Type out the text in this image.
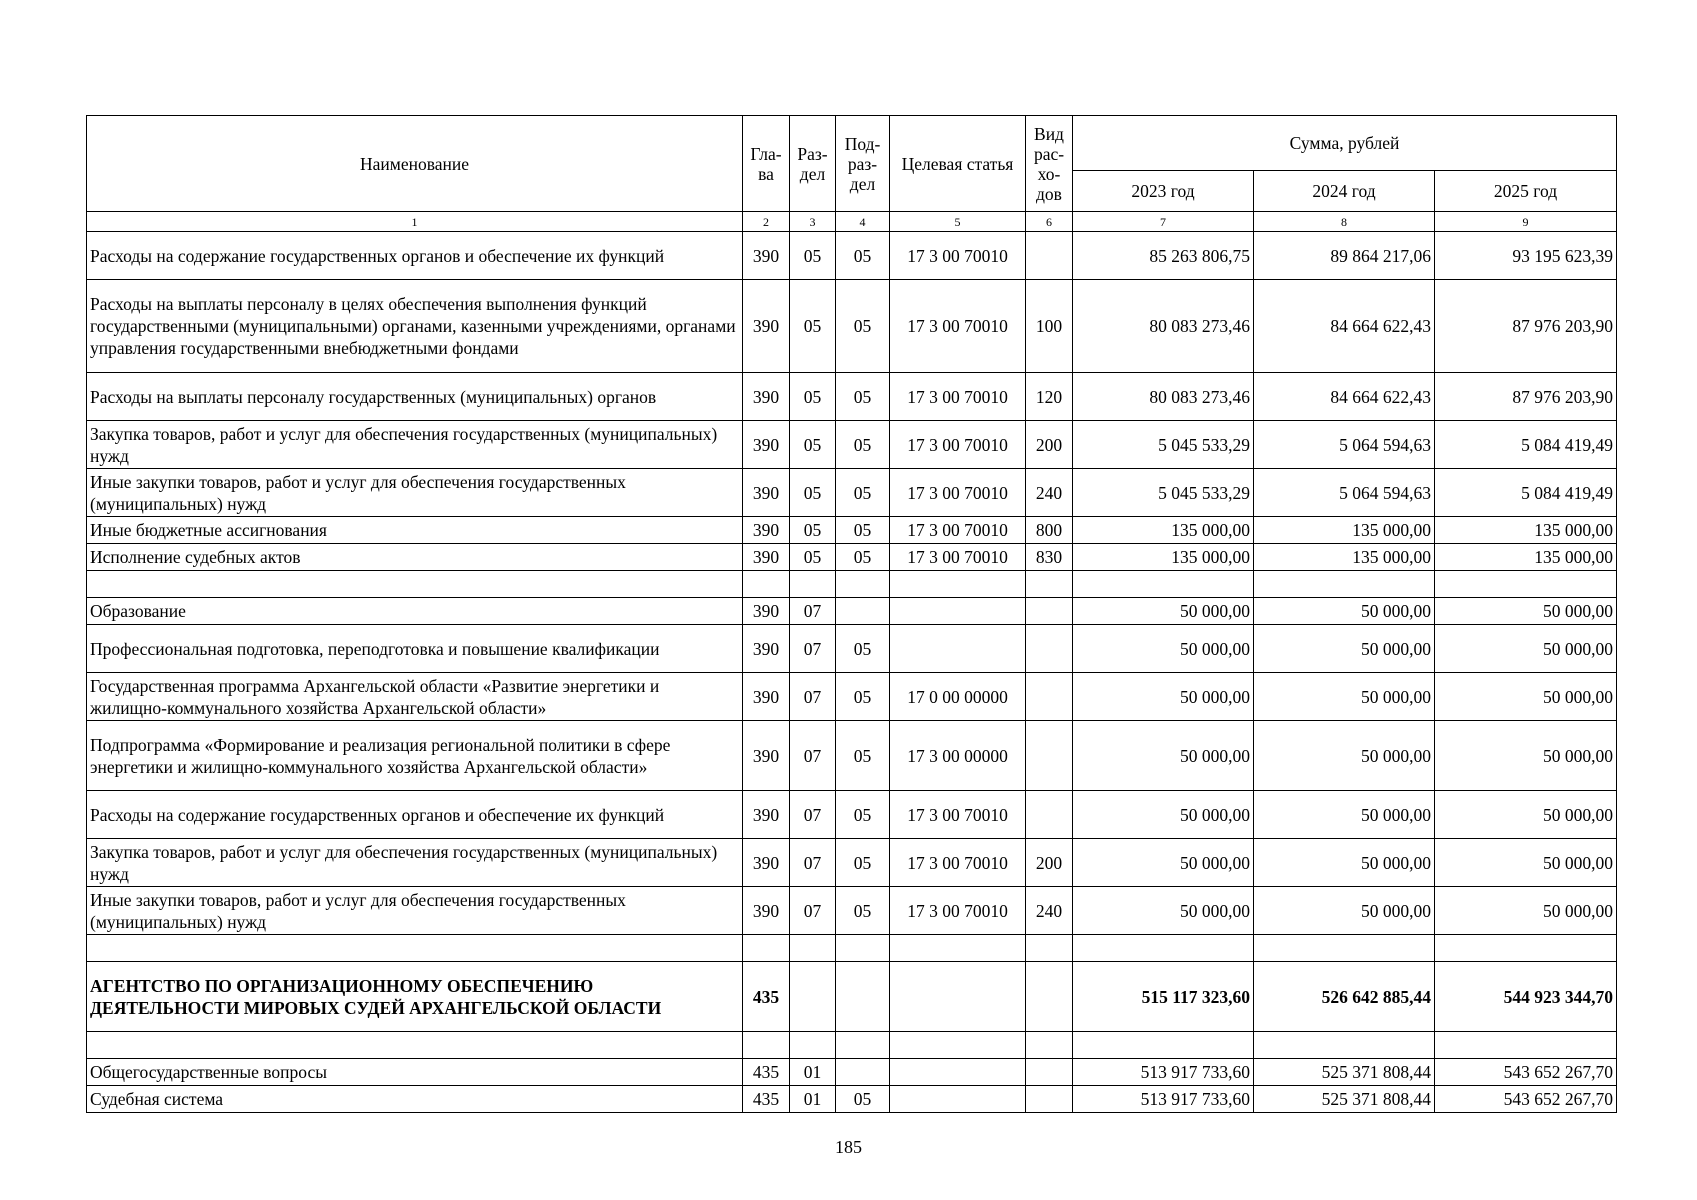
Наименование	Гла- ва	Раз- дел	Под- раз- дел	Целевая статья	Вид рас- хо- дов	Сумма, рублей		
						2023 год	2024 год	2025 год
1	2	3	4	5	6	7	8	9
Расходы на содержание государственных органов и обеспечение их функций	390	05	05	17 3 00 70010		85 263 806,75	89 864 217,06	93 195 623,39
Расходы на выплаты персоналу в целях обеспечения выполнения функций государственными (муниципальными) органами, казенными учреждениями, органами управления государственными внебюджетными фондами	390	05	05	17 3 00 70010	100	80 083 273,46	84 664 622,43	87 976 203,90
Расходы на выплаты персоналу государственных (муниципальных) органов	390	05	05	17 3 00 70010	120	80 083 273,46	84 664 622,43	87 976 203,90
Закупка товаров, работ и услуг для обеспечения государственных (муниципальных) нужд	390	05	05	17 3 00 70010	200	5 045 533,29	5 064 594,63	5 084 419,49
Иные закупки товаров, работ и услуг для обеспечения государственных (муниципальных) нужд	390	05	05	17 3 00 70010	240	5 045 533,29	5 064 594,63	5 084 419,49
Иные бюджетные ассигнования	390	05	05	17 3 00 70010	800	135 000,00	135 000,00	135 000,00
Исполнение судебных актов	390	05	05	17 3 00 70010	830	135 000,00	135 000,00	135 000,00

Образование	390	07				50 000,00	50 000,00	50 000,00
Профессиональная подготовка, переподготовка и повышение квалификации	390	07	05			50 000,00	50 000,00	50 000,00
Государственная программа Архангельской области «Развитие энергетики и жилищно-коммунального хозяйства Архангельской области»	390	07	05	17 0 00 00000		50 000,00	50 000,00	50 000,00
Подпрограмма «Формирование и реализация региональной политики в сфере энергетики и жилищно-коммунального хозяйства Архангельской области»	390	07	05	17 3 00 00000		50 000,00	50 000,00	50 000,00
Расходы на содержание государственных органов и обеспечение их функций	390	07	05	17 3 00 70010		50 000,00	50 000,00	50 000,00
Закупка товаров, работ и услуг для обеспечения государственных (муниципальных) нужд	390	07	05	17 3 00 70010	200	50 000,00	50 000,00	50 000,00
Иные закупки товаров, работ и услуг для обеспечения государственных (муниципальных) нужд	390	07	05	17 3 00 70010	240	50 000,00	50 000,00	50 000,00

АГЕНТСТВО ПО ОРГАНИЗАЦИОННОМУ ОБЕСПЕЧЕНИЮ ДЕЯТЕЛЬНОСТИ МИРОВЫХ СУДЕЙ АРХАНГЕЛЬСКОЙ ОБЛАСТИ	435					515 117 323,60	526 642 885,44	544 923 344,70

Общегосударственные вопросы	435	01				513 917 733,60	525 371 808,44	543 652 267,70
Судебная система	435	01	05			513 917 733,60	525 371 808,44	543 652 267,70
185
